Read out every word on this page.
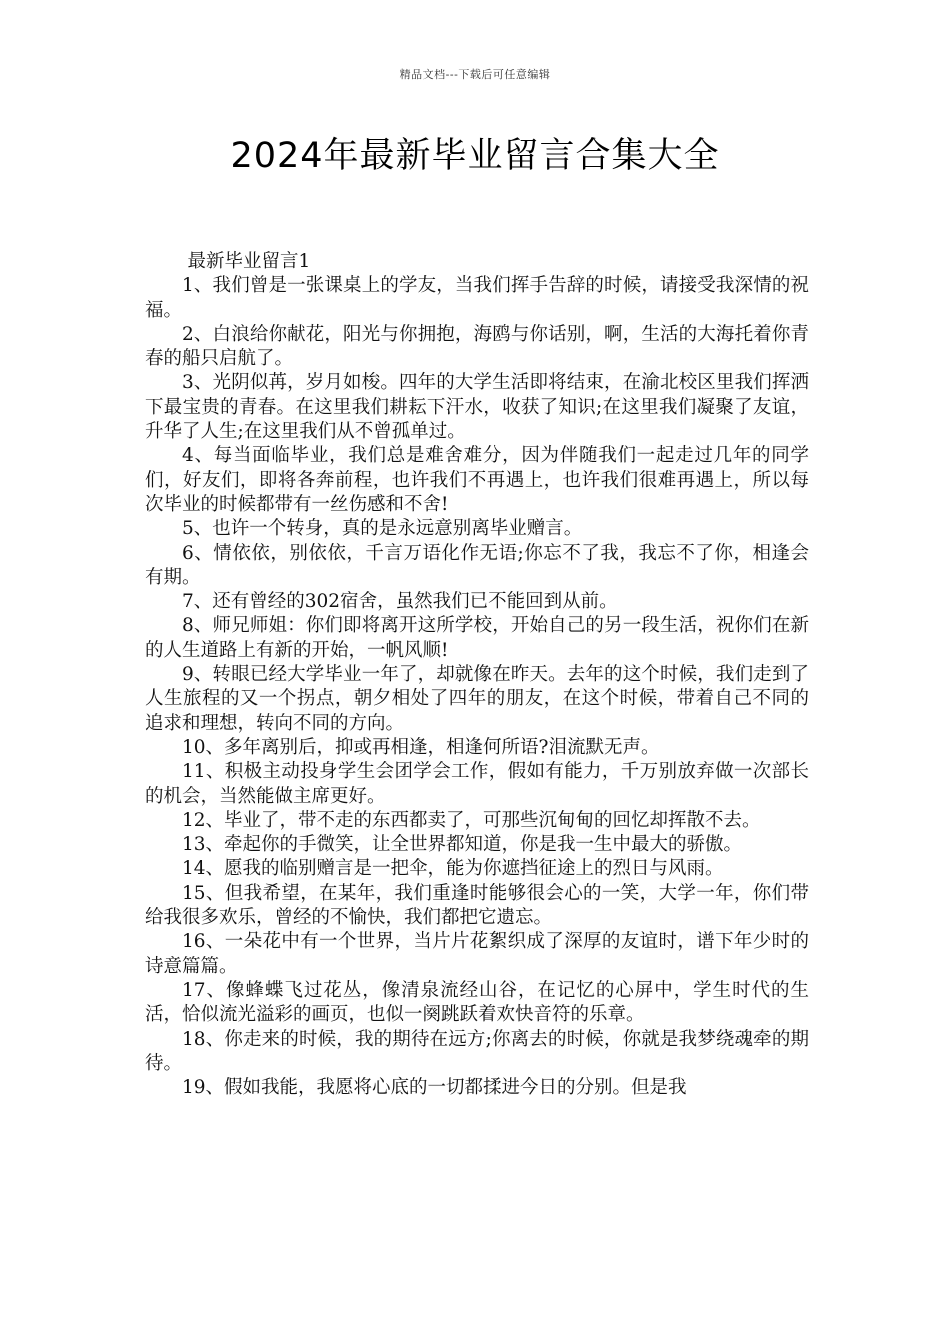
精品文档---下载后可任意编辑
2024年最新毕业留言合集大全

最新毕业留言1

1、我们曾是一张课桌上的学友，当我们挥手告辞的时候，请接受我深情的祝福。

2、白浪给你献花，阳光与你拥抱，海鸥与你话别，啊，生活的大海托着你青春的船只启航了。

3、光阴似苒，岁月如梭。四年的大学生活即将结束，在渝北校区里我们挥洒下最宝贵的青春。在这里我们耕耘下汗水，收获了知识;在这里我们凝聚了友谊，升华了人生;在这里我们从不曾孤单过。

4、每当面临毕业，我们总是难舍难分，因为伴随我们一起走过几年的同学们，好友们，即将各奔前程，也许我们不再遇上，也许我们很难再遇上，所以每次毕业的时候都带有一丝伤感和不舍!

5、也许一个转身，真的是永远意别离毕业赠言。

6、情依依，别依依，千言万语化作无语;你忘不了我，我忘不了你，相逢会有期。

7、还有曾经的302宿舍，虽然我们已不能回到从前。

8、师兄师姐：你们即将离开这所学校，开始自己的另一段生活，祝你们在新的人生道路上有新的开始，一帆风顺!

9、转眼已经大学毕业一年了，却就像在昨天。去年的这个时候，我们走到了人生旅程的又一个拐点，朝夕相处了四年的朋友，在这个时候，带着自己不同的追求和理想，转向不同的方向。

10、多年离别后，抑或再相逢，相逢何所语?泪流默无声。

11、积极主动投身学生会团学会工作，假如有能力，千万别放弃做一次部长的机会，当然能做主席更好。

12、毕业了，带不走的东西都卖了，可那些沉甸甸的回忆却挥散不去。

13、牵起你的手微笑，让全世界都知道，你是我一生中最大的骄傲。

14、愿我的临别赠言是一把伞，能为你遮挡征途上的烈日与风雨。

15、但我希望，在某年，我们重逢时能够很会心的一笑，大学一年，你们带给我很多欢乐，曾经的不愉快，我们都把它遗忘。

16、一朵花中有一个世界，当片片花絮织成了深厚的友谊时，谱下年少时的诗意篇篇。

17、像蜂蝶飞过花丛，像清泉流经山谷，在记忆的心屏中，学生时代的生活，恰似流光溢彩的画页，也似一阕跳跃着欢快音符的乐章。

18、你走来的时候，我的期待在远方;你离去的时候，你就是我梦绕魂牵的期待。

19、假如我能，我愿将心底的一切都揉进今日的分别。但是我
